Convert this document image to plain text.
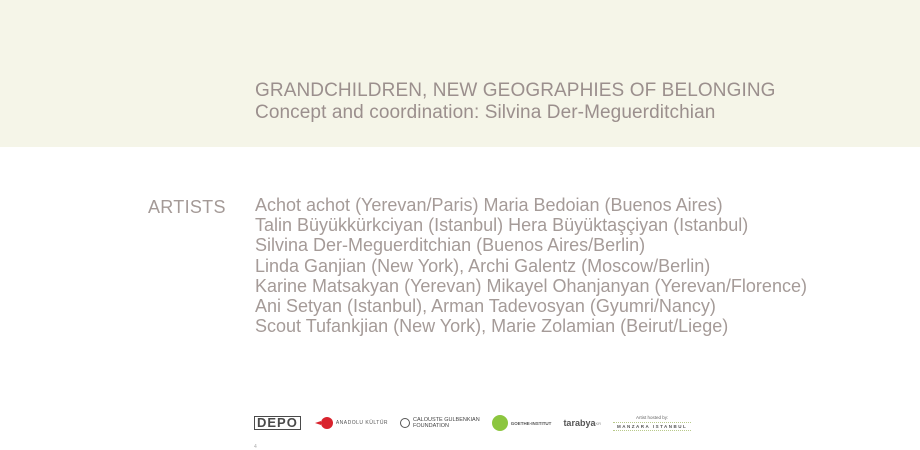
GRANDCHILDREN, NEW GEOGRAPHIES OF BELONGING
Concept and coordination: Silvina Der-Meguerditchian
ARTISTS Achot achot (Yerevan/Paris) Maria Bedoian (Buenos Aires)
Talin Büyükkürkciyan (Istanbul) Hera Büyüktaşçiyan (Istanbul)
Silvina Der-Meguerditchian (Buenos Aires/Berlin)
Linda Ganjian (New York), Archi Galentz (Moscow/Berlin)
Karine Matsakyan (Yerevan) Mikayel Ohanjanyan (Yerevan/Florence)
Ani Setyan (Istanbul), Arman Tadevosyan (Gyumri/Nancy)
Scout Tufankjian (New York), Marie Zolamian (Beirut/Liege)
DEPO	ANADOLU KÜLTÜR	CALOUSTE GULBENKIAN
FOUNDATION	GOETHE-INSTITUT tarabya KR
Artist hosted by:
MANZARA ISTANBUL
4
